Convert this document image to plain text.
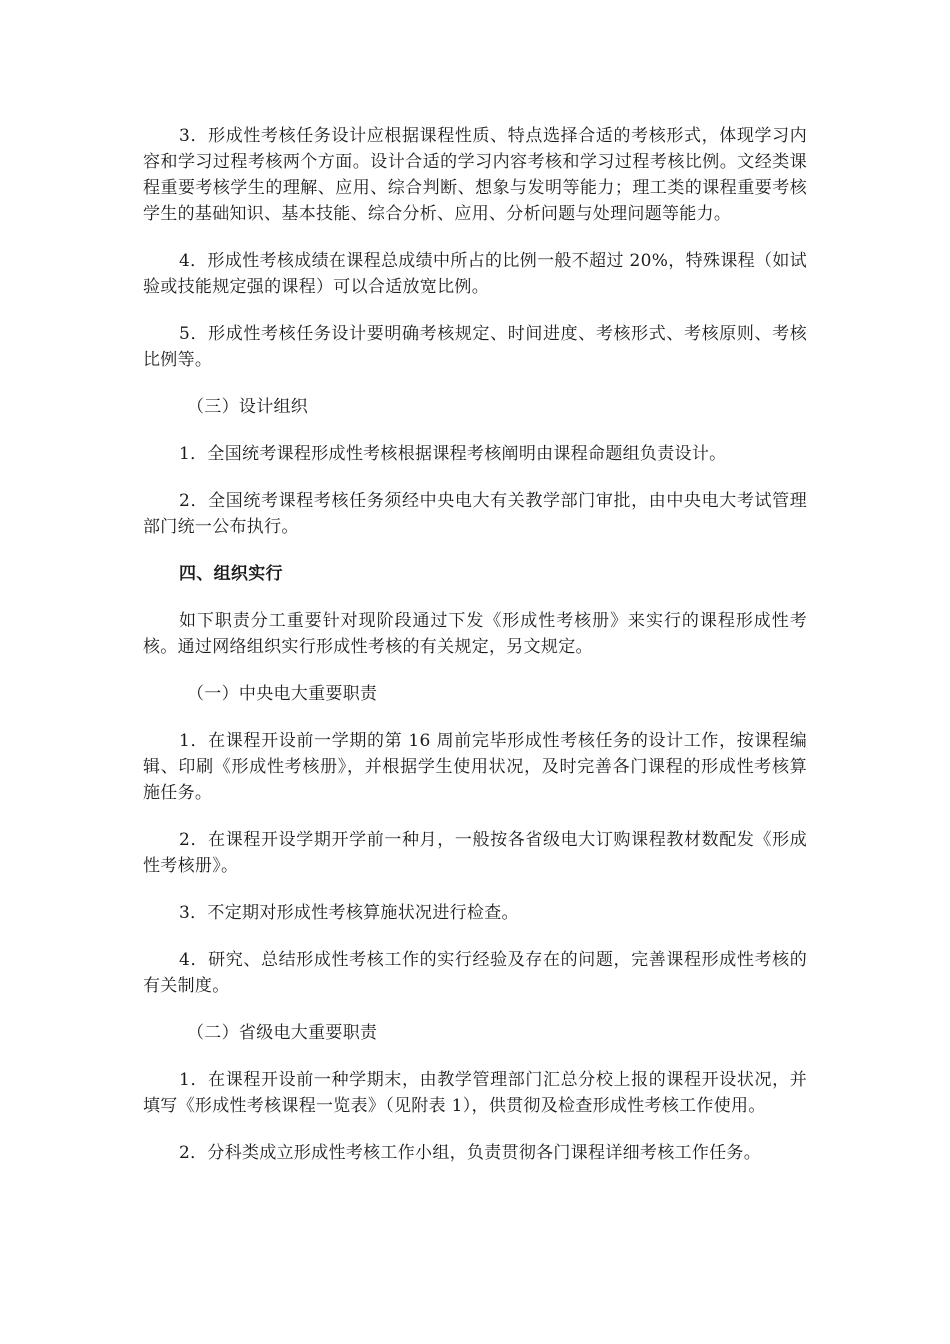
3．形成性考核任务设计应根据课程性质、特点选择合适的考核形式，体现学习内容和学习过程考核两个方面。设计合适的学习内容考核和学习过程考核比例。文经类课程重要考核学生的理解、应用、综合判断、想象与发明等能力；理工类的课程重要考核学生的基础知识、基本技能、综合分析、应用、分析问题与处理问题等能力。

4．形成性考核成绩在课程总成绩中所占的比例一般不超过 20%，特殊课程（如试验或技能规定强的课程）可以合适放宽比例。

5．形成性考核任务设计要明确考核规定、时间进度、考核形式、考核原则、考核比例等。

（三）设计组织

1．全国统考课程形成性考核根据课程考核阐明由课程命题组负责设计。

2．全国统考课程考核任务须经中央电大有关教学部门审批，由中央电大考试管理部门统一公布执行。

四、组织实行

如下职责分工重要针对现阶段通过下发《形成性考核册》来实行的课程形成性考核。通过网络组织实行形成性考核的有关规定，另文规定。

（一）中央电大重要职责

1．在课程开设前一学期的第 16 周前完毕形成性考核任务的设计工作，按课程编辑、印刷《形成性考核册》，并根据学生使用状况，及时完善各门课程的形成性考核算施任务。

2．在课程开设学期开学前一种月，一般按各省级电大订购课程教材数配发《形成性考核册》。

3．不定期对形成性考核算施状况进行检查。

4．研究、总结形成性考核工作的实行经验及存在的问题，完善课程形成性考核的有关制度。

（二）省级电大重要职责

1．在课程开设前一种学期末，由教学管理部门汇总分校上报的课程开设状况，并填写《形成性考核课程一览表》（见附表 1），供贯彻及检查形成性考核工作使用。

2．分科类成立形成性考核工作小组，负责贯彻各门课程详细考核工作任务。
